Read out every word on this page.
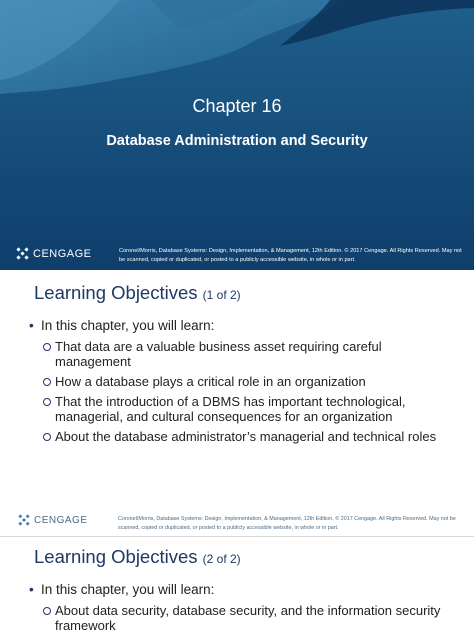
Chapter 16
Database Administration and Security
CENGAGE	Coronel/Morris, Database Systems: Design, Implementation, & Management, 12th Edition. © 2017 Cengage. All Rights Reserved. May not be scanned, copied or duplicated, or posted to a publicly accessible website, in whole or in part.
Learning Objectives (1 of 2)
• In this chapter, you will learn:
That data are a valuable business asset requiring careful management
How a database plays a critical role in an organization
That the introduction of a DBMS has important technological, managerial, and cultural consequences for an organization
About the database administrator’s managerial and technical roles
CENGAGE	Coronel/Morris, Database Systems: Design, Implementation, & Management, 12th Edition. © 2017 Cengage. All Rights Reserved. May not be scanned, copied or duplicated, or posted to a publicly accessible website, in whole or in part.
Learning Objectives (2 of 2)
• In this chapter, you will learn:
About data security, database security, and the information security framework
